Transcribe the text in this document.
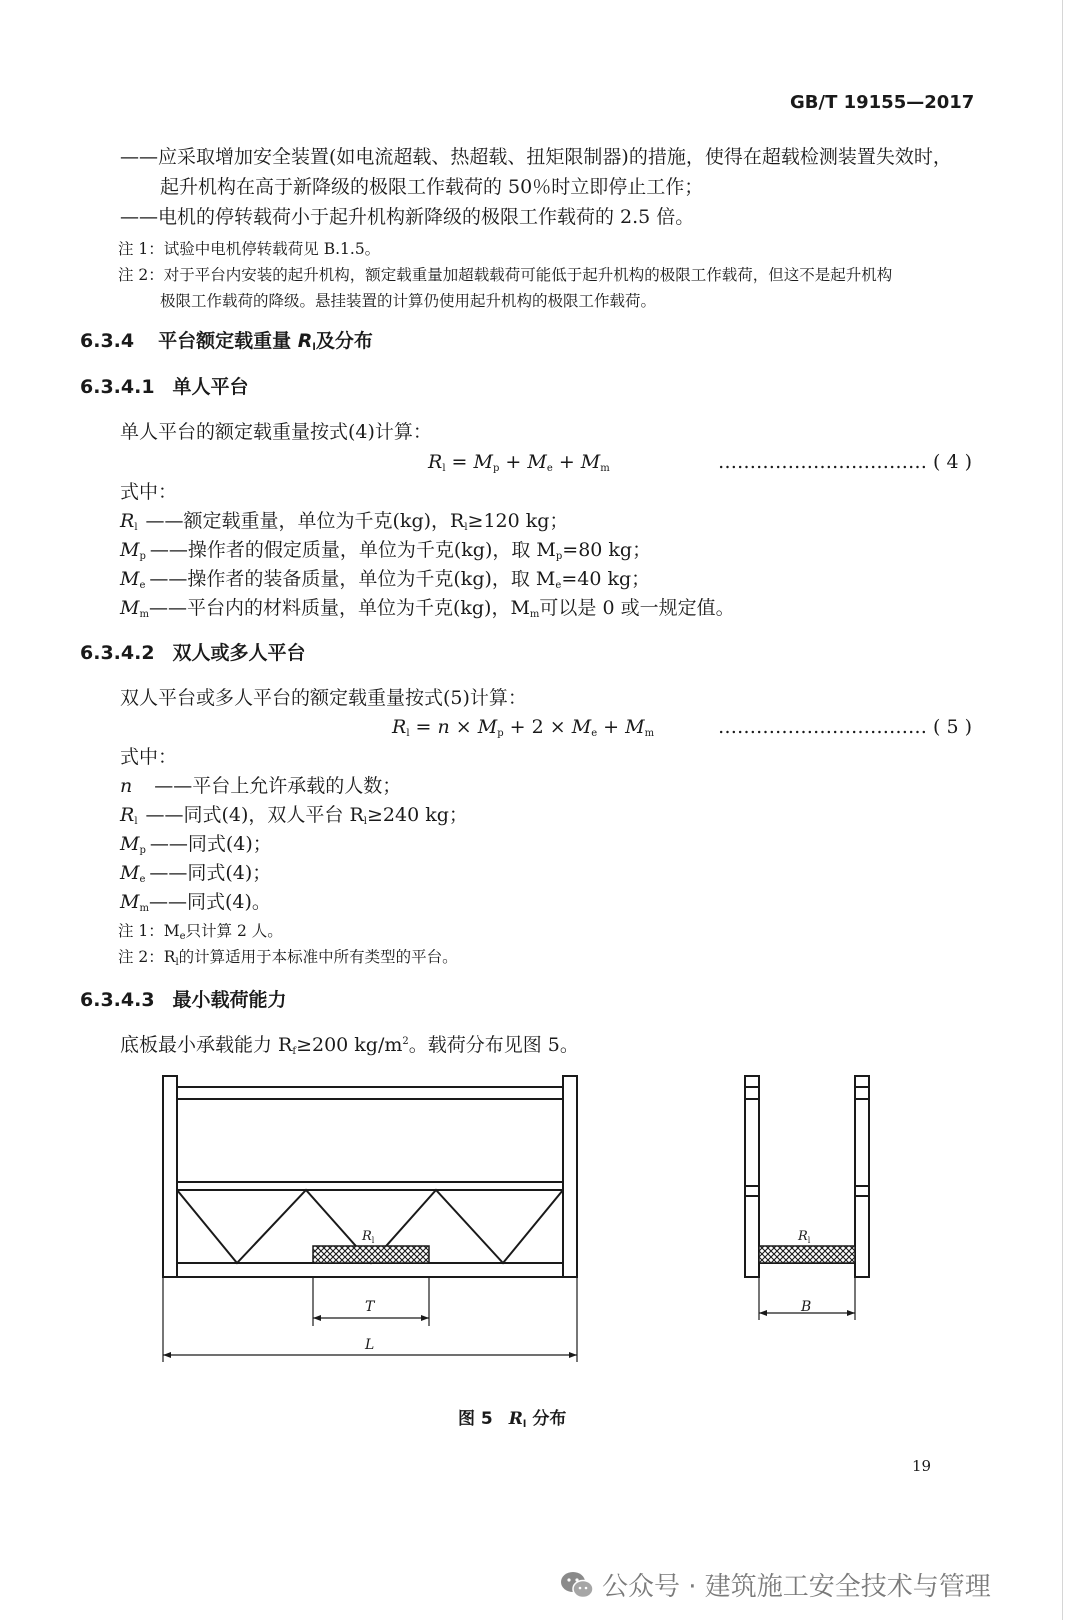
GB/T 19155—2017
——应采取增加安全装置(如电流超载、热超载、扭矩限制器)的措施，使得在超载检测装置失效时，
起升机构在高于新降级的极限工作载荷的 50％时立即停止工作；
——电机的停转载荷小于起升机构新降级的极限工作载荷的 2.5 倍。
注 1：试验中电机停转载荷见 B.1.5。
注 2：对于平台内安装的起升机构，额定载重量加超载载荷可能低于起升机构的极限工作载荷，但这不是起升机构
极限工作载荷的降级。悬挂装置的计算仍使用起升机构的极限工作载荷。
6.3.4 平台额定载重量 $R_l$及分布
6.3.4.1 单人平台
单人平台的额定载重量按式(4)计算：
$R_l = M_p + M_e + M_m$	…………………………… ( 4 )
式中：
$R_l$ ——额定载重量，单位为千克(kg)，$R_l\ge 120$ kg；
$M_p$ ——操作者的假定质量，单位为千克(kg)，取 $M_p=80$ kg；
$M_e$ ——操作者的装备质量，单位为千克(kg)，取 $M_e=40$ kg；
$M_m——$平台内的材料质量，单位为千克(kg)，$M_m$可以是 0 或一规定值。
6.3.4.2 双人或多人平台
双人平台或多人平台的额定载重量按式(5)计算：
$R_l = n \times M_p + 2 \times M_e + M_m$	…………………………… ( 5 )
式中：
n ——平台上允许承载的人数；
$R_l$ ——同式(4)，双人平台 $R_l\ge 240$ kg；
$M_p$ ——同式(4)；
$M_e$ ——同式(4)；
$M_m——$同式(4)。
注 1：$M_e$只计算 2 人。
注 2：$R_l$的计算适用于本标准中所有类型的平台。
6.3.4.3 最小载荷能力
底板最小承载能力 $R_f\ge 200$ $kg/m^2$。载荷分布见图 5。
$R_l$	$R_l$
T
L
B
图 5 $R_l$ 分布
19
公众号 · 建筑施工安全技术与管理
